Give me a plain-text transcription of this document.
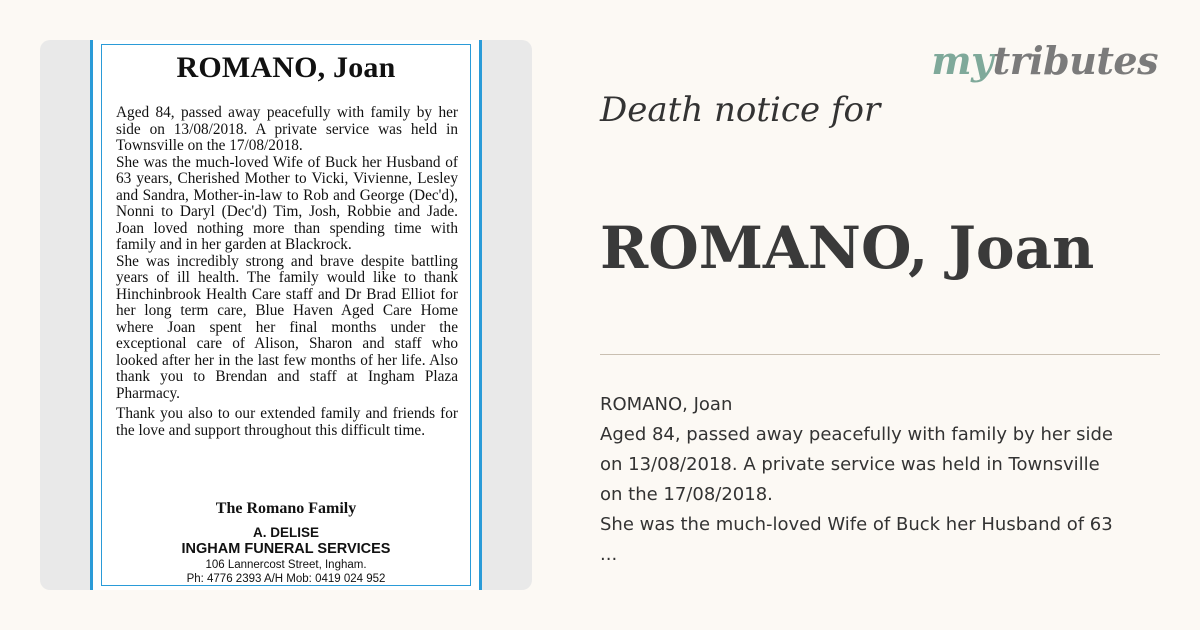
ROMANO, Joan

Aged 84, passed away peacefully with family by her side on 13/08/2018. A private service was held in Townsville on the 17/08/2018.

She was the much-loved Wife of Buck her Husband of 63 years, Cherished Mother to Vicki, Vivienne, Lesley and Sandra, Mother-in-law to Rob and George (Dec'd), Nonni to Daryl (Dec'd) Tim, Josh, Robbie and Jade. Joan loved nothing more than spending time with family and in her garden at Blackrock.

She was incredibly strong and brave despite battling years of ill health. The family would like to thank Hinchinbrook Health Care staff and Dr Brad Elliot for her long term care, Blue Haven Aged Care Home where Joan spent her final months under the exceptional care of Alison, Sharon and staff who looked after her in the last few months of her life. Also thank you to Brendan and staff at Ingham Plaza Pharmacy.

Thank you also to our extended family and friends for the love and support throughout this difficult time.

The Romano Family
A. DELISE
INGHAM FUNERAL SERVICES
106 Lannercost Street, Ingham.
Ph: 4776 2393 A/H Mob: 0419 024 952
mytributes
Death notice for
ROMANO, Joan
ROMANO, Joan
Aged 84, passed away peacefully with family by her side
on 13/08/2018. A private service was held in Townsville
on the 17/08/2018.
She was the much-loved Wife of Buck her Husband of 63
...
